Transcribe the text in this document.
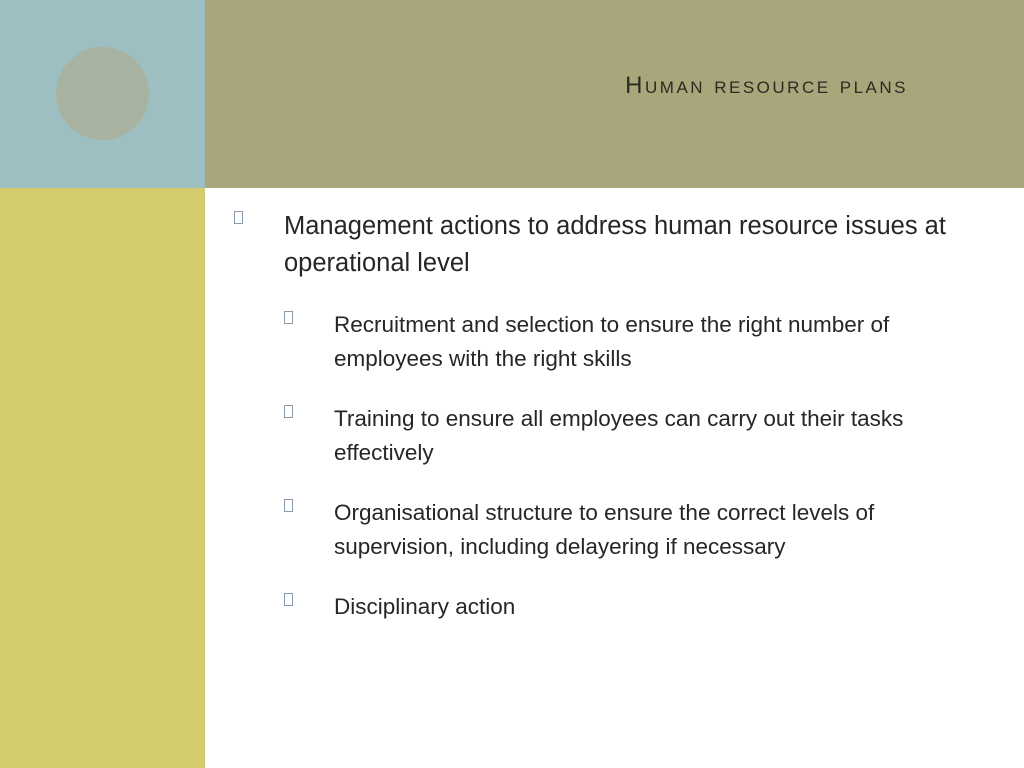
Human resource plans
Management actions to address human resource issues at operational level
Recruitment and selection to ensure the right number of employees with the right skills
Training to ensure all employees can carry out their tasks effectively
Organisational structure to ensure the correct levels of supervision, including delayering if necessary
Disciplinary action
